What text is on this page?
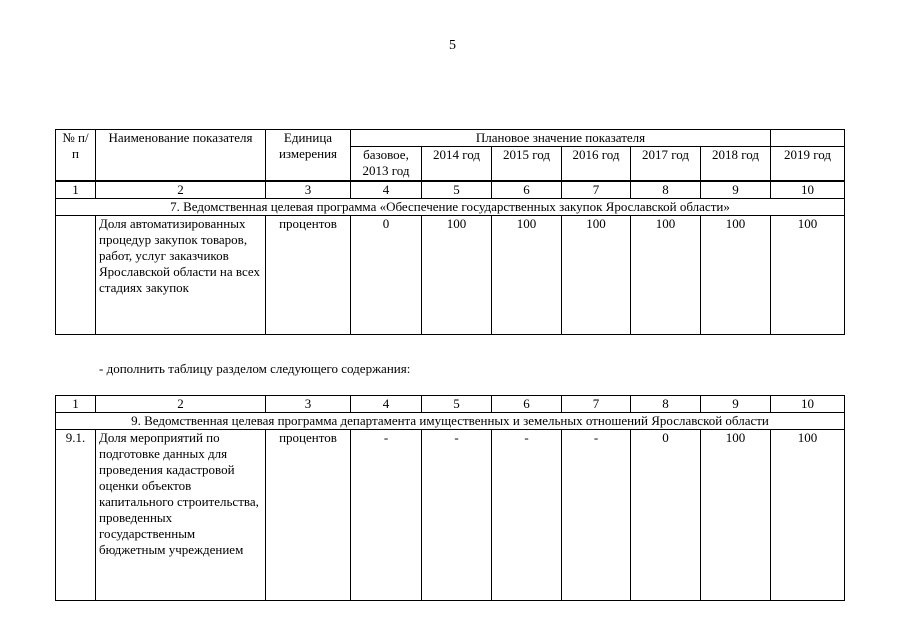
5
№ п/п	Наименование показателя	Единица измерения	Плановое значение показателя						
			базовое, 2013 год	2014 год	2015 год	2016 год	2017 год	2018 год	2019 год
1	2	3	4	5	6	7	8	9	10
7. Ведомственная целевая программа «Обеспечение государственных закупок Ярославской области»									
	Доля автоматизированных процедур закупок товаров, работ, услуг заказчиков Ярославской области на всех стадиях закупок	процентов	0	100	100	100	100	100	100
- дополнить таблицу разделом следующего содержания:
1	2	3	4	5	6	7	8	9	10
9. Ведомственная целевая программа департамента имущественных и земельных отношений Ярославской области									
9.1.	Доля мероприятий по подготовке данных для проведения кадастровой оценки объектов капитального строительства, проведенных государственным бюджетным учреждением	процентов	-	-	-	-	0	100	100
